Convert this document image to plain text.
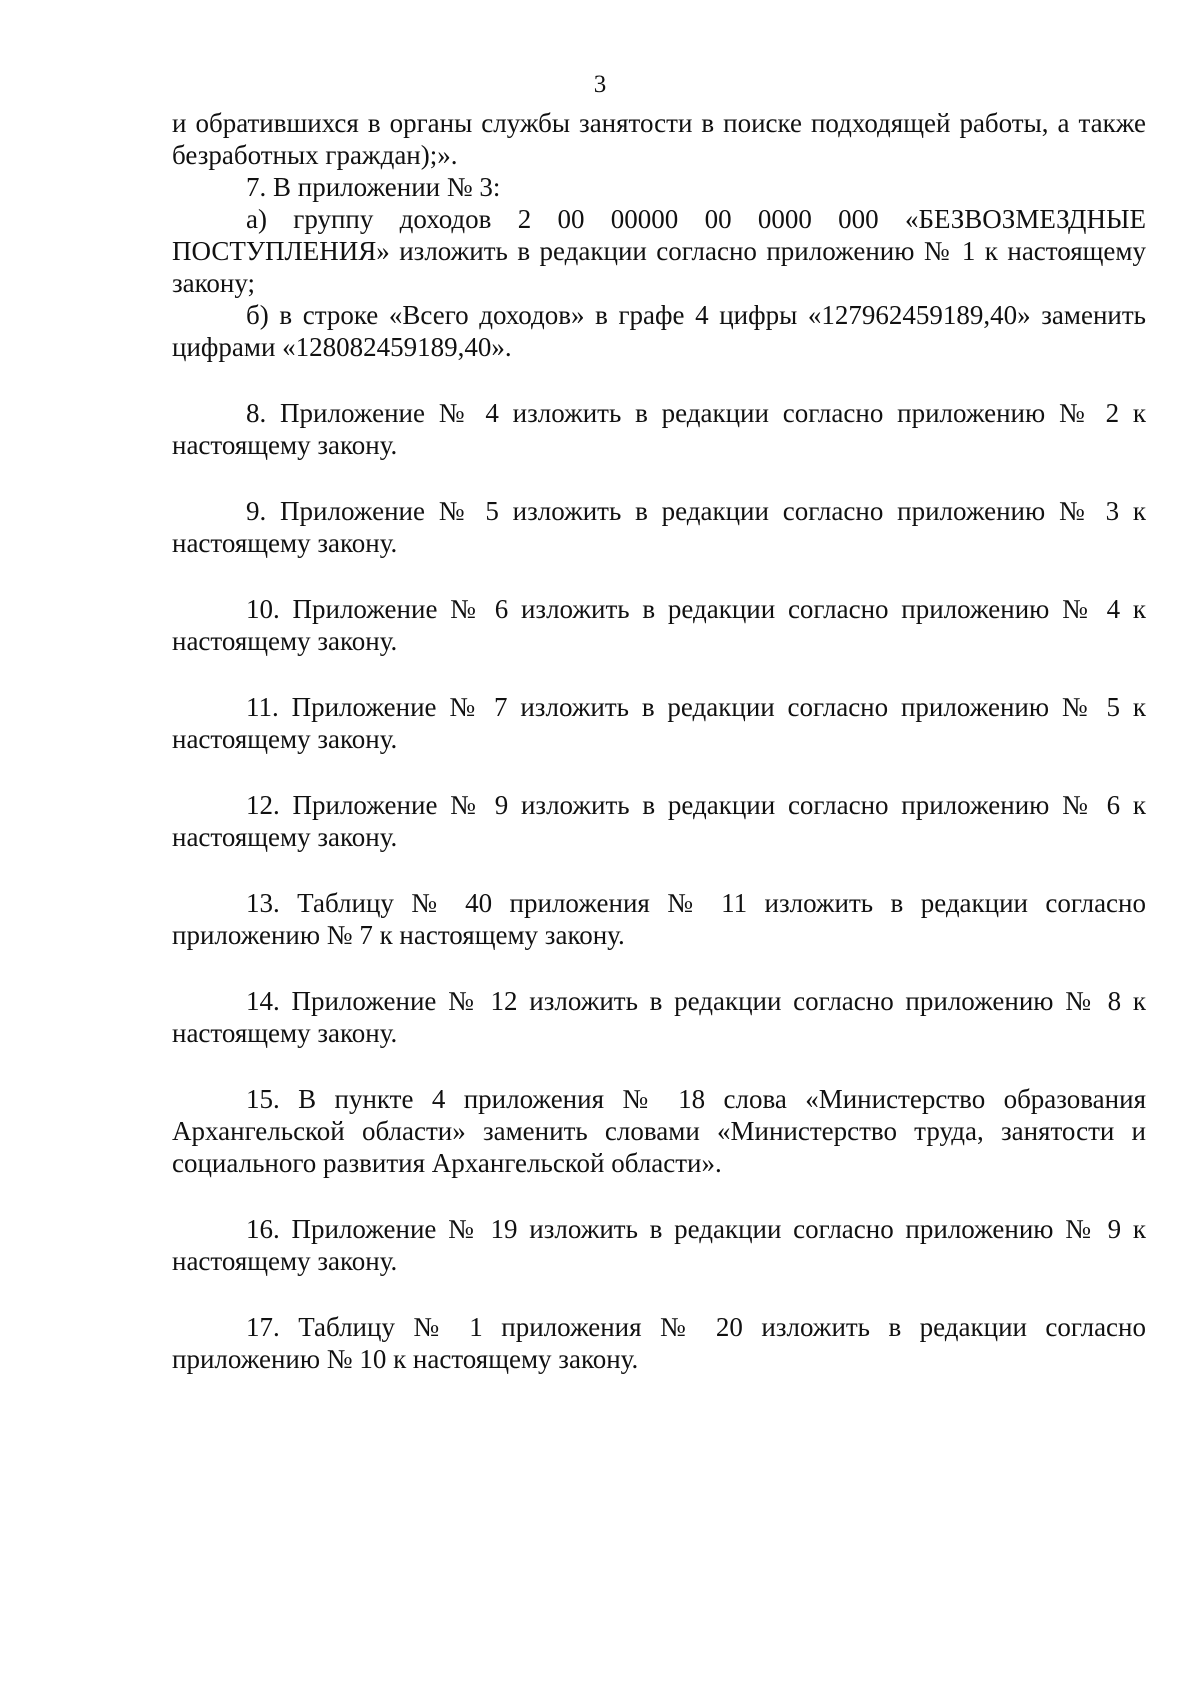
3

и обратившихся в органы службы занятости в поиске подходящей работы, а также безработных граждан);».

7. В приложении № 3:

а) группу доходов 2 00 00000 00 0000 000 «БЕЗВОЗМЕЗДНЫЕ ПОСТУПЛЕНИЯ» изложить в редакции согласно приложению № 1 к настоящему закону;

б) в строке «Всего доходов» в графе 4 цифры «127962459189,40» заменить цифрами «128082459189,40».

8. Приложение № 4 изложить в редакции согласно приложению № 2 к настоящему закону.

9. Приложение № 5 изложить в редакции согласно приложению № 3 к настоящему закону.

10. Приложение № 6 изложить в редакции согласно приложению № 4 к настоящему закону.

11. Приложение № 7 изложить в редакции согласно приложению № 5 к настоящему закону.

12. Приложение № 9 изложить в редакции согласно приложению № 6 к настоящему закону.

13. Таблицу № 40 приложения № 11 изложить в редакции согласно приложению № 7 к настоящему закону.

14. Приложение № 12 изложить в редакции согласно приложению № 8 к настоящему закону.

15. В пункте 4 приложения № 18 слова «Министерство образования Архангельской области» заменить словами «Министерство труда, занятости и социального развития Архангельской области».

16. Приложение № 19 изложить в редакции согласно приложению № 9 к настоящему закону.

17. Таблицу № 1 приложения № 20 изложить в редакции согласно приложению № 10 к настоящему закону.
